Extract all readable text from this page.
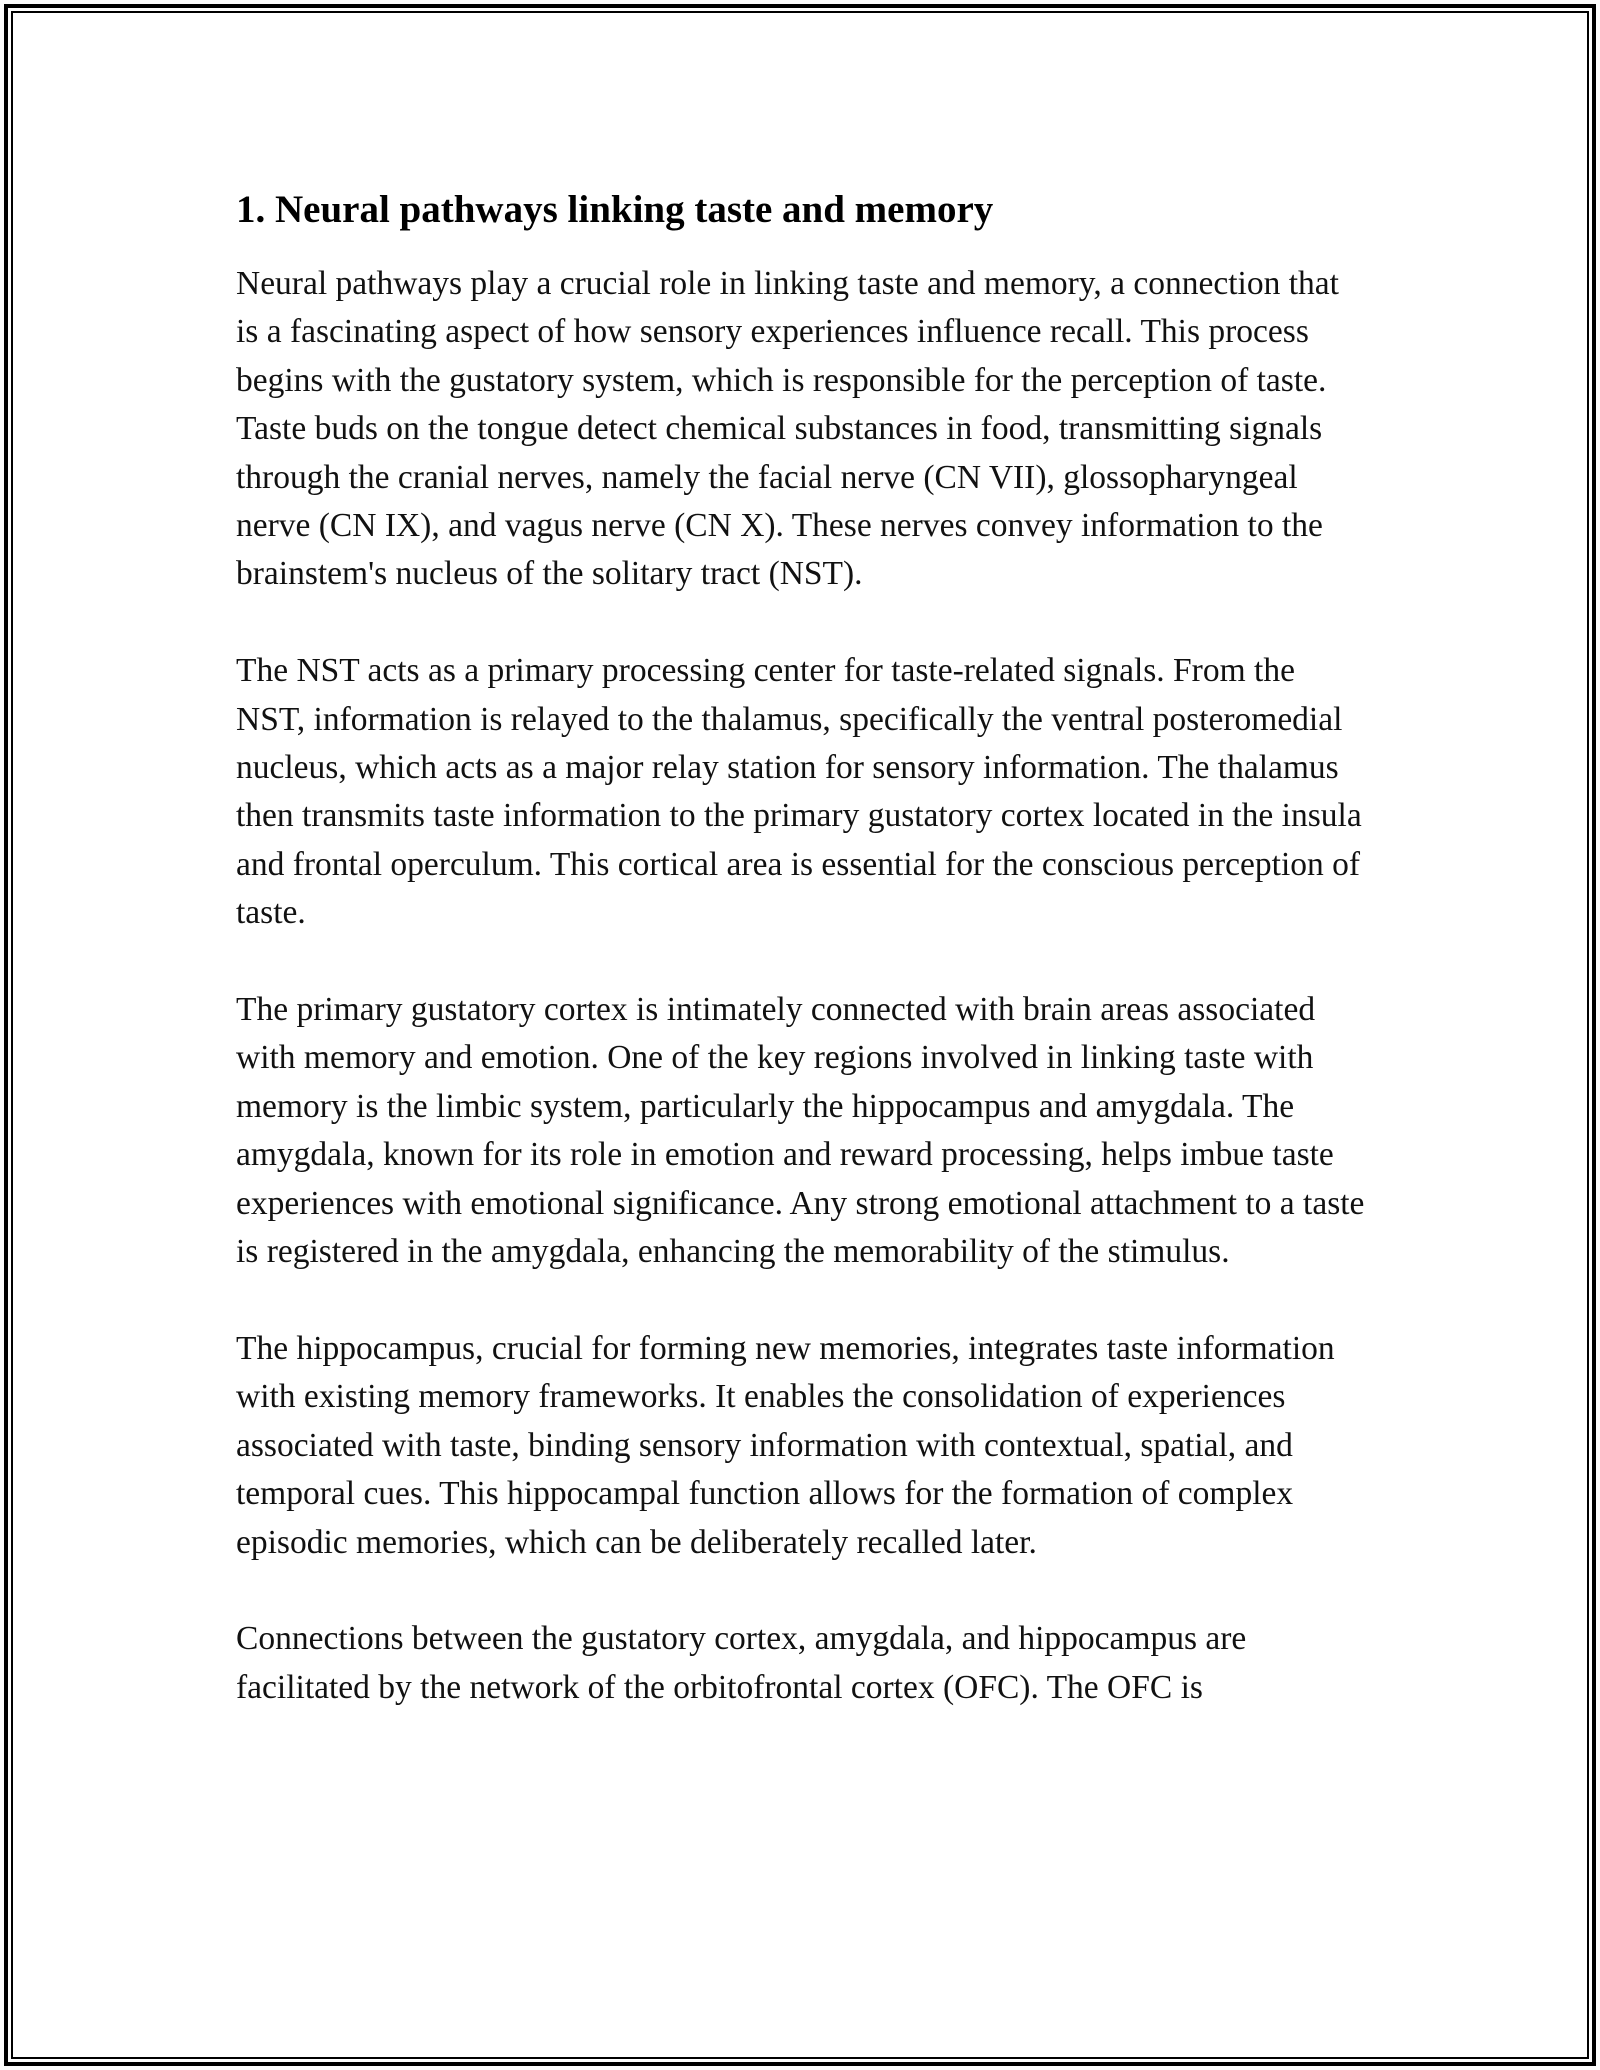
1. Neural pathways linking taste and memory

Neural pathways play a crucial role in linking taste and memory, a connection that is a fascinating aspect of how sensory experiences influence recall. This process begins with the gustatory system, which is responsible for the perception of taste. Taste buds on the tongue detect chemical substances in food, transmitting signals through the cranial nerves, namely the facial nerve (CN VII), glossopharyngeal nerve (CN IX), and vagus nerve (CN X). These nerves convey information to the brainstem's nucleus of the solitary tract (NST).

The NST acts as a primary processing center for taste-related signals. From the NST, information is relayed to the thalamus, specifically the ventral posteromedial nucleus, which acts as a major relay station for sensory information. The thalamus then transmits taste information to the primary gustatory cortex located in the insula and frontal operculum. This cortical area is essential for the conscious perception of taste.

The primary gustatory cortex is intimately connected with brain areas associated with memory and emotion. One of the key regions involved in linking taste with memory is the limbic system, particularly the hippocampus and amygdala. The amygdala, known for its role in emotion and reward processing, helps imbue taste experiences with emotional significance. Any strong emotional attachment to a taste is registered in the amygdala, enhancing the memorability of the stimulus.

The hippocampus, crucial for forming new memories, integrates taste information with existing memory frameworks. It enables the consolidation of experiences associated with taste, binding sensory information with contextual, spatial, and temporal cues. This hippocampal function allows for the formation of complex episodic memories, which can be deliberately recalled later.

Connections between the gustatory cortex, amygdala, and hippocampus are facilitated by the network of the orbitofrontal cortex (OFC). The OFC is
